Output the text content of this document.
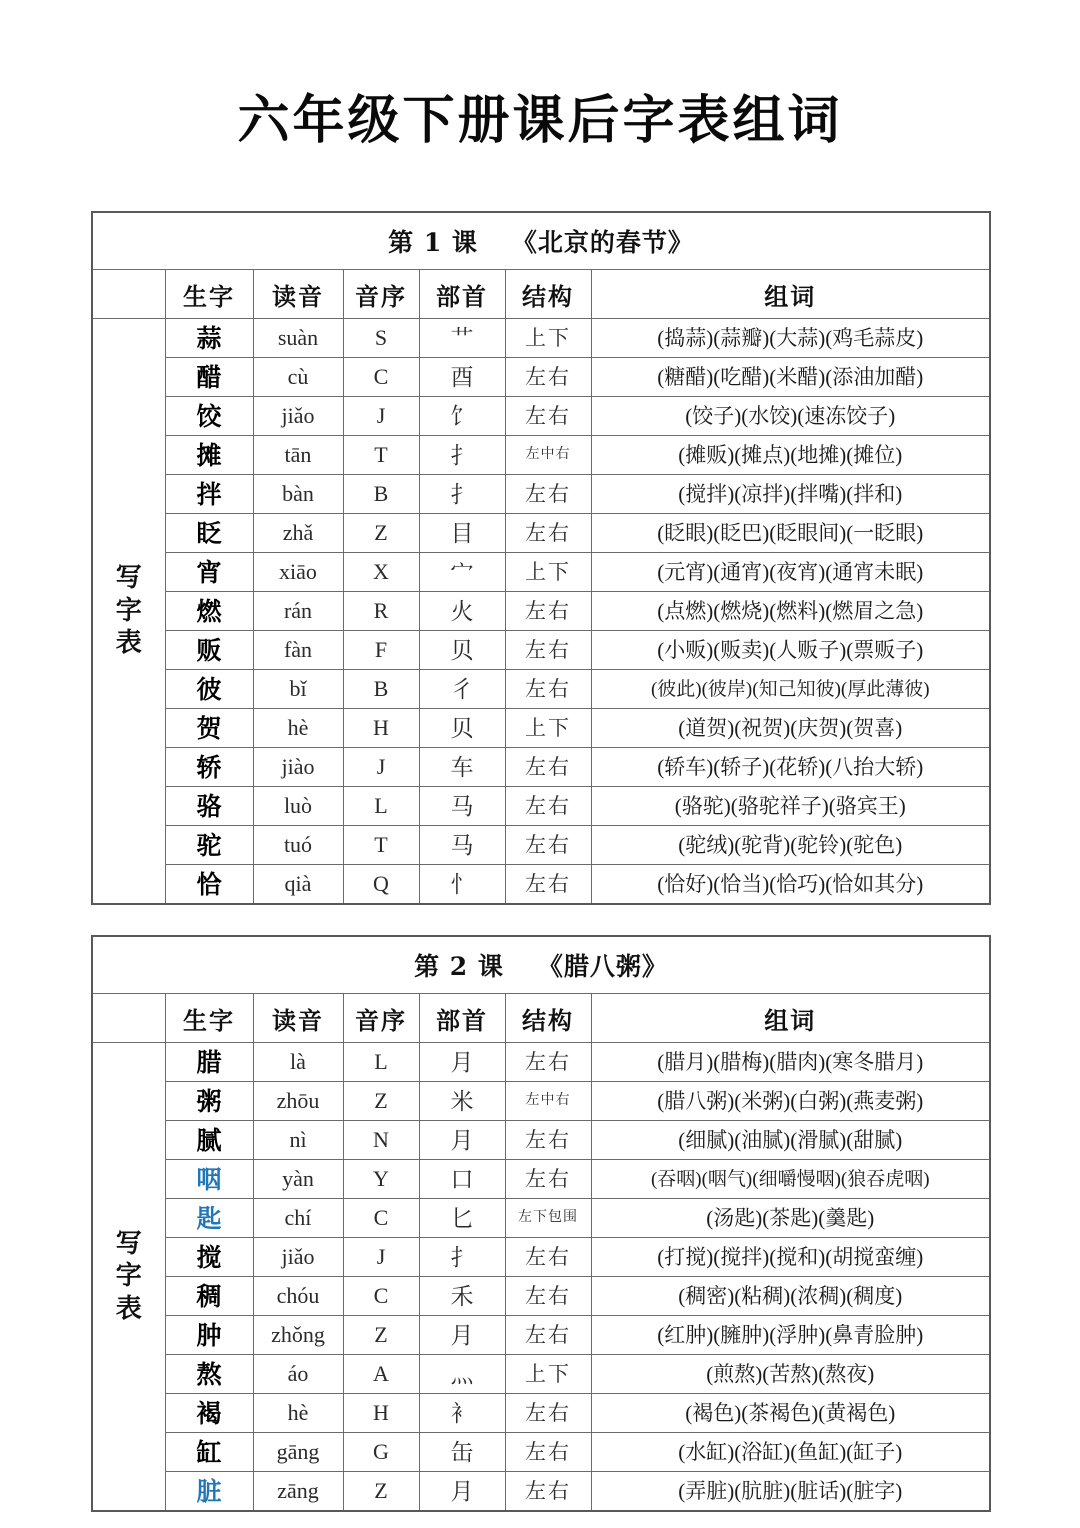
六年级下册课后字表组词
第 1 课 《北京的春节》						

	生字	读音	音序	部首	结构	组词

写
字
表	蒜	suàn	S	艹	上下	(捣蒜)(蒜瓣)(大蒜)(鸡毛蒜皮)

	醋	cù	C	酉	左右	(糖醋)(吃醋)(米醋)(添油加醋)

	饺	jiǎo	J	饣	左右	(饺子)(水饺)(速冻饺子)

	摊	tān	T	扌	左中右	(摊贩)(摊点)(地摊)(摊位)

	拌	bàn	B	扌	左右	(搅拌)(凉拌)(拌嘴)(拌和)

	眨	zhǎ	Z	目	左右	(眨眼)(眨巴)(眨眼间)(一眨眼)

	宵	xiāo	X	宀	上下	(元宵)(通宵)(夜宵)(通宵未眠)

	燃	rán	R	火	左右	(点燃)(燃烧)(燃料)(燃眉之急)

	贩	fàn	F	贝	左右	(小贩)(贩卖)(人贩子)(票贩子)

	彼	bǐ	B	彳	左右	(彼此)(彼岸)(知己知彼)(厚此薄彼)

	贺	hè	H	贝	上下	(道贺)(祝贺)(庆贺)(贺喜)

	轿	jiào	J	车	左右	(轿车)(轿子)(花轿)(八抬大轿)

	骆	luò	L	马	左右	(骆驼)(骆驼祥子)(骆宾王)

	驼	tuó	T	马	左右	(驼绒)(驼背)(驼铃)(驼色)

	恰	qià	Q	忄	左右	(恰好)(恰当)(恰巧)(恰如其分)
第 2 课 《腊八粥》						

	生字	读音	音序	部首	结构	组词

写
字
表	腊	là	L	月	左右	(腊月)(腊梅)(腊肉)(寒冬腊月)

	粥	zhōu	Z	米	左中右	(腊八粥)(米粥)(白粥)(燕麦粥)

	腻	nì	N	月	左右	(细腻)(油腻)(滑腻)(甜腻)

	咽	yàn	Y	口	左右	(吞咽)(咽气)(细嚼慢咽)(狼吞虎咽)

	匙	chí	C	匕	左下包围	(汤匙)(茶匙)(羹匙)

	搅	jiǎo	J	扌	左右	(打搅)(搅拌)(搅和)(胡搅蛮缠)

	稠	chóu	C	禾	左右	(稠密)(粘稠)(浓稠)(稠度)

	肿	zhǒng	Z	月	左右	(红肿)(臃肿)(浮肿)(鼻青脸肿)

	熬	áo	A	灬	上下	(煎熬)(苦熬)(熬夜)

	褐	hè	H	衤	左右	(褐色)(茶褐色)(黄褐色)

	缸	gāng	G	缶	左右	(水缸)(浴缸)(鱼缸)(缸子)

	脏	zāng	Z	月	左右	(弄脏)(肮脏)(脏话)(脏字)
